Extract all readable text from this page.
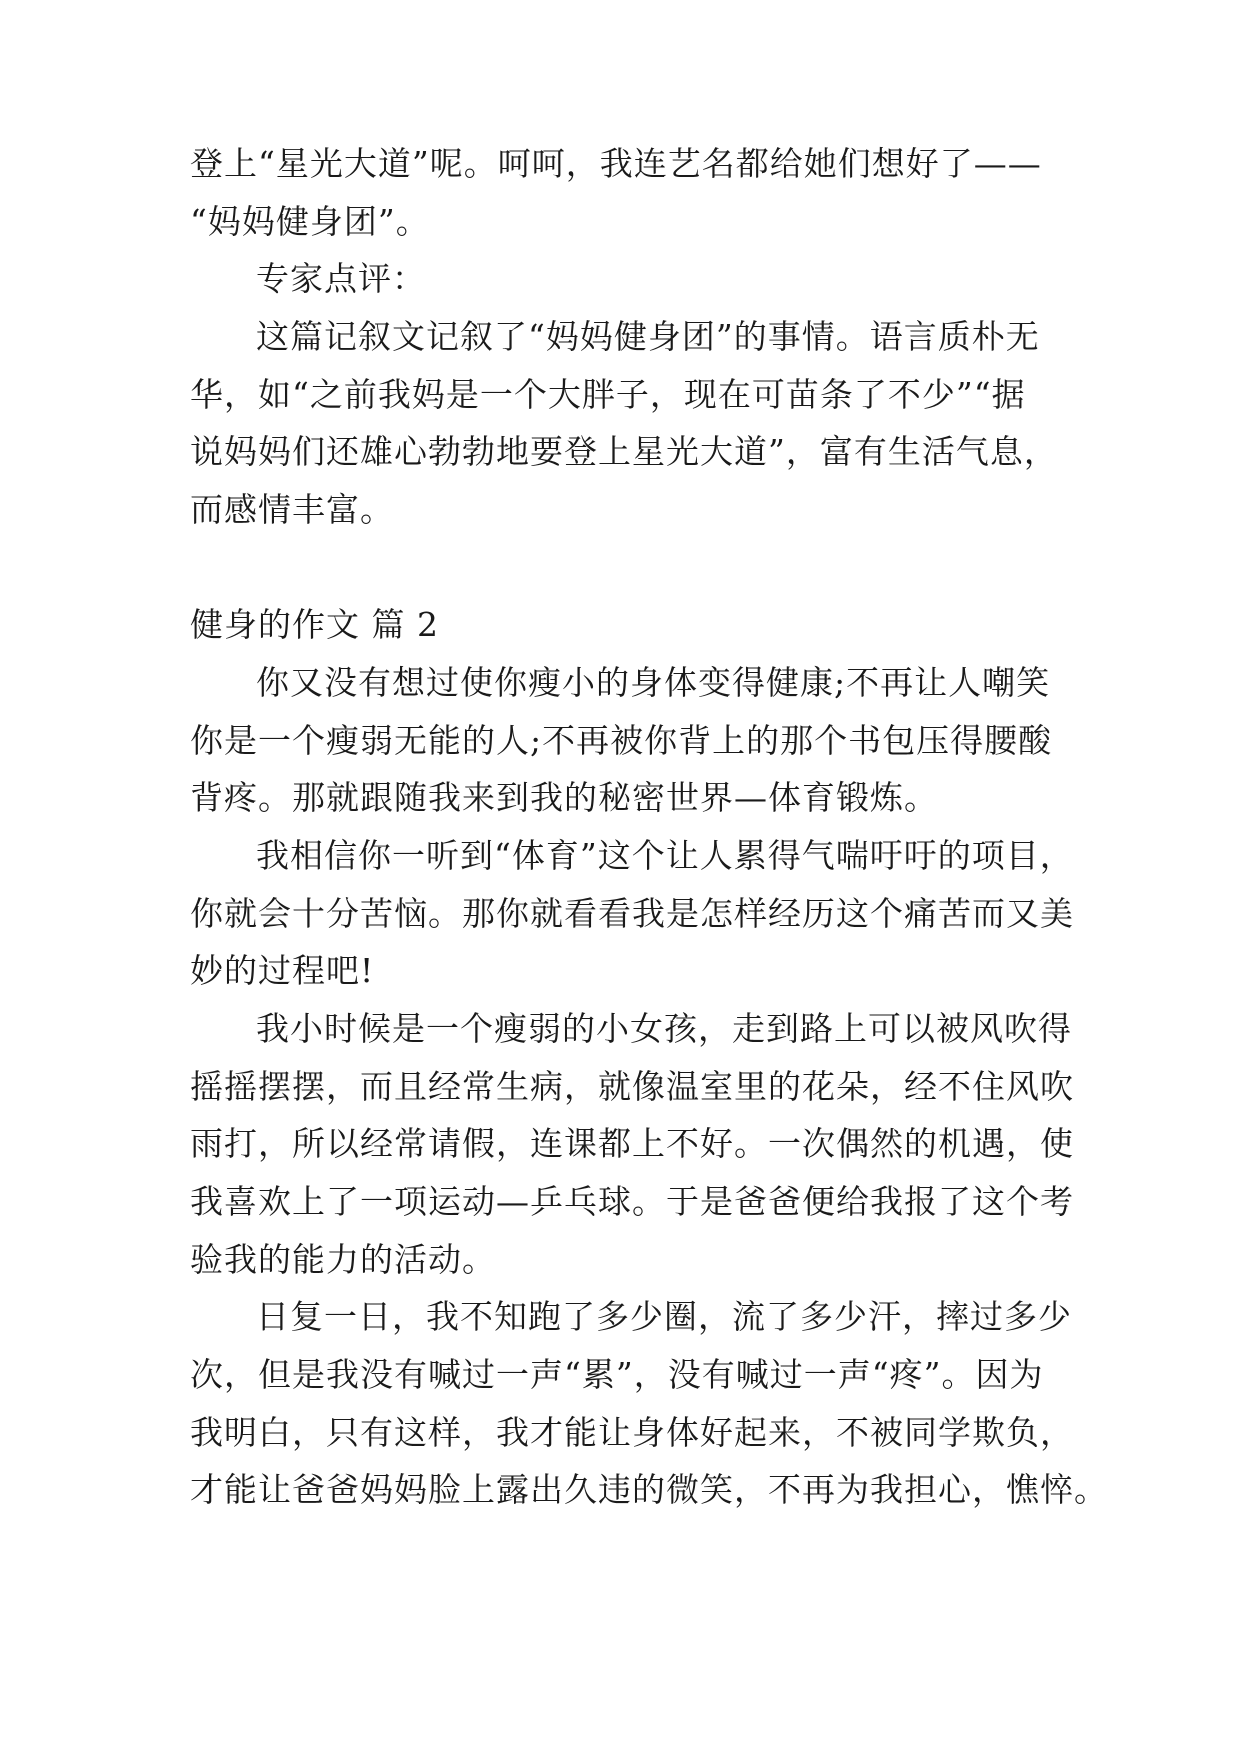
登上“星光大道”呢。呵呵，我连艺名都给她们想好了——
“妈妈健身团”。
专家点评：
这篇记叙文记叙了“妈妈健身团”的事情。语言质朴无
华，如“之前我妈是一个大胖子，现在可苗条了不少”“据
说妈妈们还雄心勃勃地要登上星光大道”，富有生活气息，
而感情丰富。
健身的作文 篇 2
你又没有想过使你瘦小的身体变得健康;不再让人嘲笑
你是一个瘦弱无能的人;不再被你背上的那个书包压得腰酸
背疼。那就跟随我来到我的秘密世界—体育锻炼。
我相信你一听到“体育”这个让人累得气喘吁吁的项目，
你就会十分苦恼。那你就看看我是怎样经历这个痛苦而又美
妙的过程吧!
我小时候是一个瘦弱的小女孩，走到路上可以被风吹得
摇摇摆摆，而且经常生病，就像温室里的花朵，经不住风吹
雨打，所以经常请假，连课都上不好。一次偶然的机遇，使
我喜欢上了一项运动—乒乓球。于是爸爸便给我报了这个考
验我的能力的活动。
日复一日，我不知跑了多少圈，流了多少汗，摔过多少
次，但是我没有喊过一声“累”，没有喊过一声“疼”。因为
我明白，只有这样，我才能让身体好起来，不被同学欺负，
才能让爸爸妈妈脸上露出久违的微笑，不再为我担心，憔悴。
